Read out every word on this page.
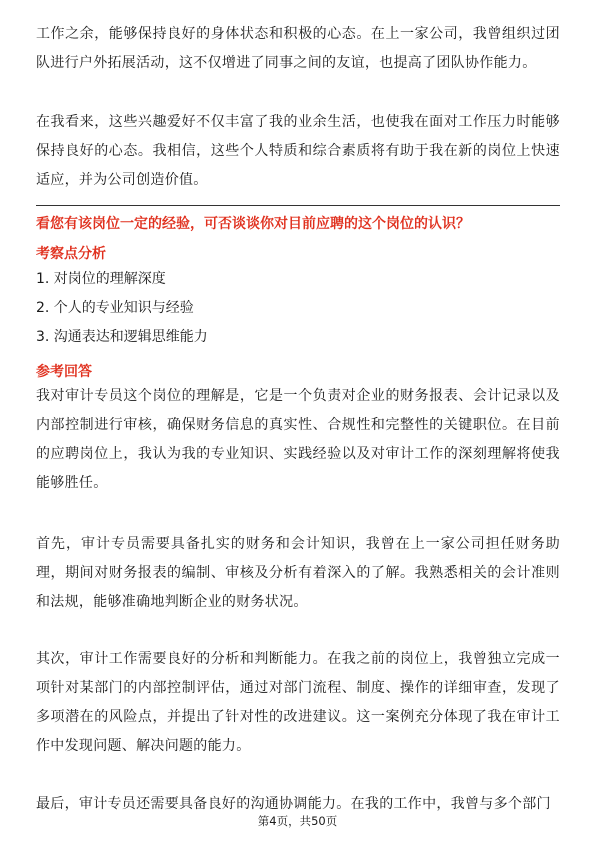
工作之余，能够保持良好的身体状态和积极的心态。在上一家公司，我曾组织过团队进行户外拓展活动，这不仅增进了同事之间的友谊，也提高了团队协作能力。

在我看来，这些兴趣爱好不仅丰富了我的业余生活，也使我在面对工作压力时能够保持良好的心态。我相信，这些个人特质和综合素质将有助于我在新的岗位上快速适应，并为公司创造价值。

看您有该岗位一定的经验，可否谈谈你对目前应聘的这个岗位的认识？

考察点分析

1. 对岗位的理解深度

2. 个人的专业知识与经验

3. 沟通表达和逻辑思维能力

参考回答

我对审计专员这个岗位的理解是，它是一个负责对企业的财务报表、会计记录以及内部控制进行审核，确保财务信息的真实性、合规性和完整性的关键职位。在目前的应聘岗位上，我认为我的专业知识、实践经验以及对审计工作的深刻理解将使我能够胜任。

首先，审计专员需要具备扎实的财务和会计知识，我曾在上一家公司担任财务助理，期间对财务报表的编制、审核及分析有着深入的了解。我熟悉相关的会计准则和法规，能够准确地判断企业的财务状况。

其次，审计工作需要良好的分析和判断能力。在我之前的岗位上，我曾独立完成一项针对某部门的内部控制评估，通过对部门流程、制度、操作的详细审查，发现了多项潜在的风险点，并提出了针对性的改进建议。这一案例充分体现了我在审计工作中发现问题、解决问题的能力。

最后，审计专员还需要具备良好的沟通协调能力。在我的工作中，我曾与多个部门

第4页，共50页
